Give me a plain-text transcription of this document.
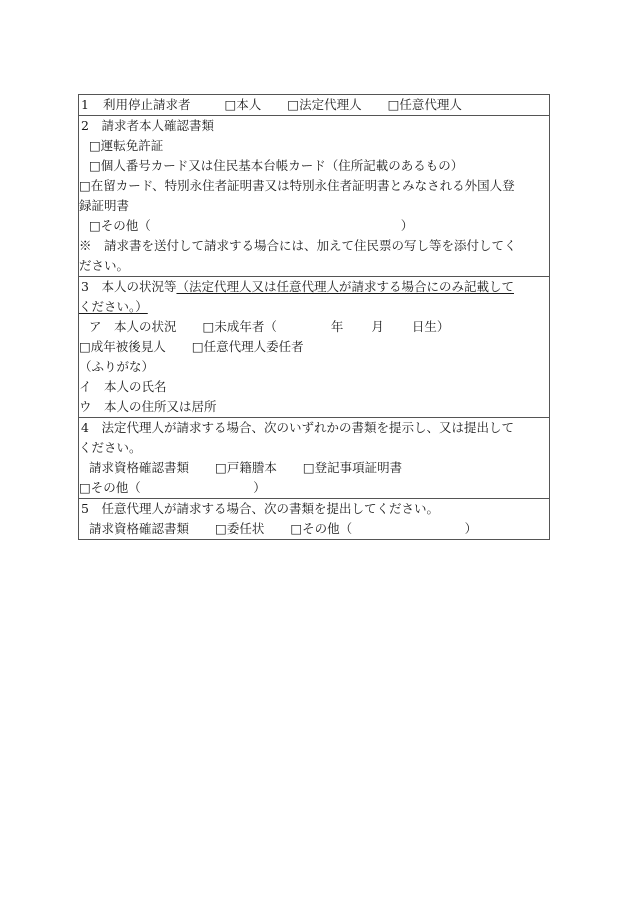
1 利用停止請求者	□本人 □法定代理人 □任意代理人
2　請求者本人確認書類
□運転免許証
□個人番号カード又は住民基本台帳カード（住所記載のあるもの）
□在留カード、特別永住者証明書又は特別永住者証明書とみなされる外国人登
録証明書
□その他（　　　　　　　　　　　　　　　　　　　　）
※　請求書を送付して請求する場合には、加えて住民票の写し等を添付してく
ださい。
3　本人の状況等（法定代理人又は任意代理人が請求する場合にのみ記載して
ください。）
ア　本人の状況 □未成年者（	年 月 日生）
□成年被後見人 □任意代理人委任者
（ふりがな）
イ　本人の氏名
ウ　本人の住所又は居所
4　法定代理人が請求する場合、次のいずれかの書類を提示し、又は提出して
ください。
請求資格確認書類 □戸籍謄本 □登記事項証明書
□その他（　　　　　　　　　）
5　任意代理人が請求する場合、次の書類を提出してください。
請求資格確認書類 □委任状 □その他（　　　　　　　　　）
